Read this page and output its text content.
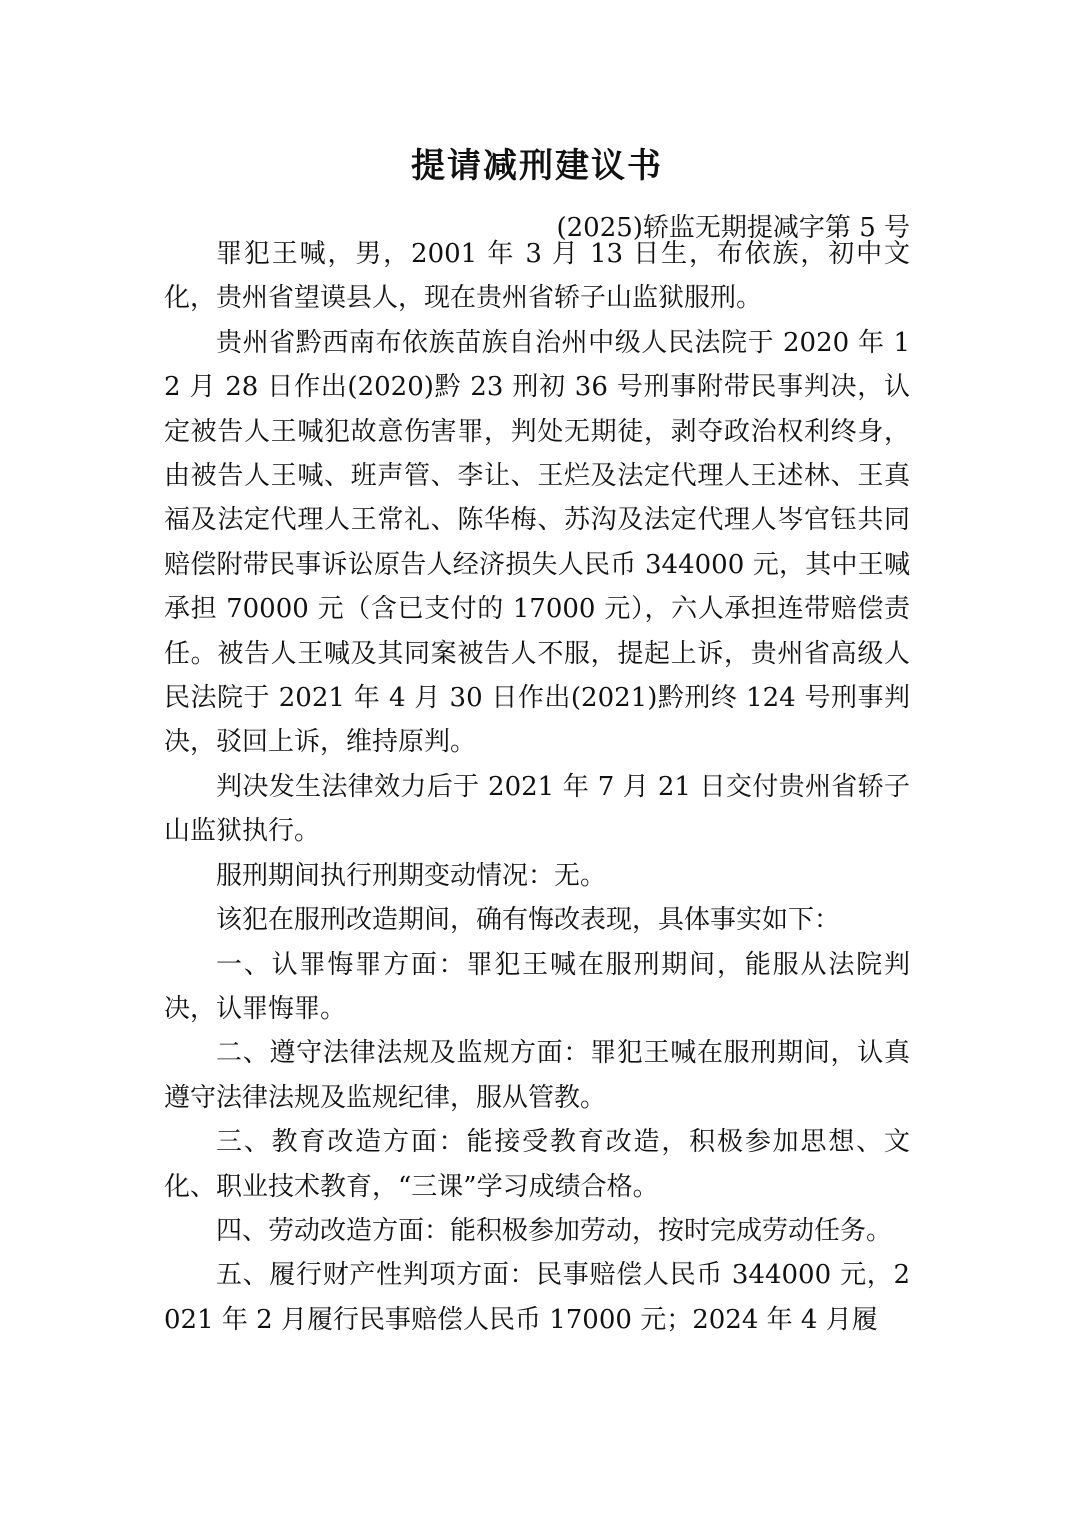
提请减刑建议书

(2025)轿监无期提减字第 5 号

罪犯王喊，男，2001 年 3 月 13 日生，布依族，初中文化，贵州省望谟县人，现在贵州省轿子山监狱服刑。

贵州省黔西南布依族苗族自治州中级人民法院于 2020 年 12 月 28 日作出(2020)黔 23 刑初 36 号刑事附带民事判决，认定被告人王喊犯故意伤害罪，判处无期徒，剥夺政治权利终身，由被告人王喊、班声管、李让、王烂及法定代理人王述林、王真福及法定代理人王常礼、陈华梅、苏沟及法定代理人岑官钰共同赔偿附带民事诉讼原告人经济损失人民币 344000 元，其中王喊承担 70000 元（含已支付的 17000 元），六人承担连带赔偿责任。被告人王喊及其同案被告人不服，提起上诉，贵州省高级人民法院于 2021 年 4 月 30 日作出(2021)黔刑终 124 号刑事判决，驳回上诉，维持原判。

判决发生法律效力后于 2021 年 7 月 21 日交付贵州省轿子山监狱执行。

服刑期间执行刑期变动情况：无。

该犯在服刑改造期间，确有悔改表现，具体事实如下：

一、认罪悔罪方面：罪犯王喊在服刑期间，能服从法院判决，认罪悔罪。

二、遵守法律法规及监规方面：罪犯王喊在服刑期间，认真遵守法律法规及监规纪律，服从管教。

三、教育改造方面：能接受教育改造，积极参加思想、文化、职业技术教育，“三课”学习成绩合格。

四、劳动改造方面：能积极参加劳动，按时完成劳动任务。

五、履行财产性判项方面：民事赔偿人民币 344000 元，2021 年 2 月履行民事赔偿人民币 17000 元；2024 年 4 月履
